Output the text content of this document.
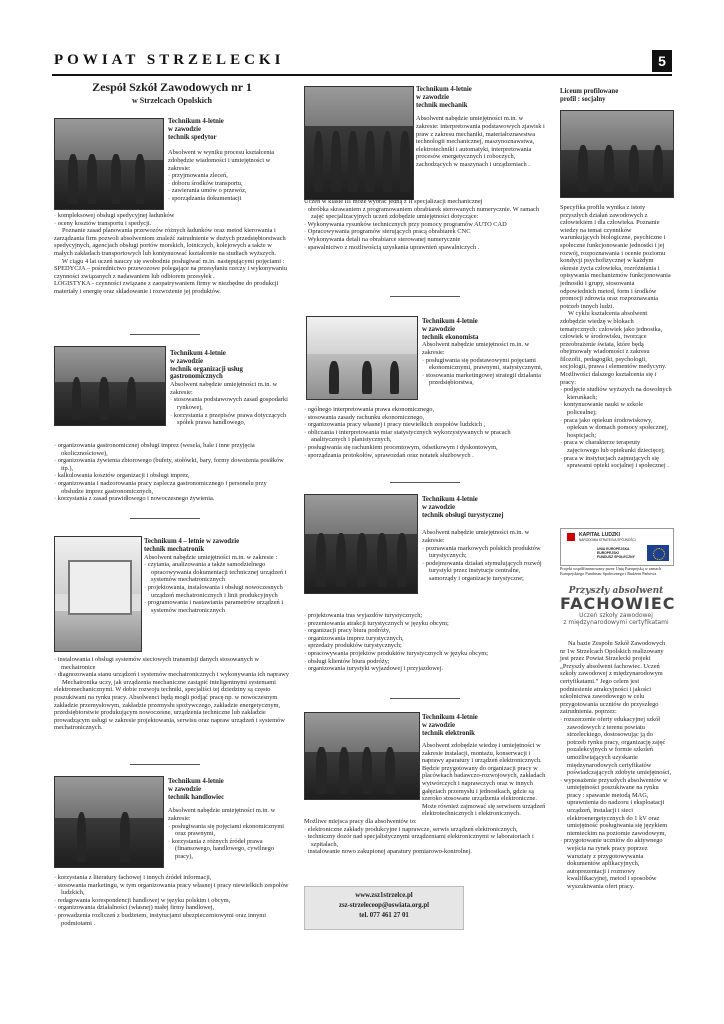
POWIAT STRZELECKI	5
Zespół Szkół Zawodowych nr 1
w Strzelcach Opolskich
Technikum 4-letnie
w zawodzie
technik spedytor

Absolwent w wyniku procesu kształcenia zdobędzie wiadomości i umiejętności w zakresie:

· przyjmowania zleceń,
· doboru środków transportu,
· zawierania umów o przewóz,
· sporządzania dokumentacji
· kompleksowej obsługi spedycyjnej ładunków
· oceny kosztów transportu i spedycji.

Poznanie zasad planowania przewozów różnych ładunków oraz metod kierowania i zarządzania firm pozwoli absolwentom znaleźć zatrudnienie w dużych przedsiębiorstwach spedycyjnych, agencjach obsługi portów morskich, lotniczych, kolejowych a także w małych zakładach transportowych lub kontynuować kształcenie na studiach wyższych.

W ciągu 4 lat uczeń nauczy się swobodnie posługiwać m.in. następującymi pojęciami :

SPEDYCJA – pośrednictwo przewozowe polegające na przesyłaniu rzeczy i wykonywaniu czynności związanych z nadawaniem lub odbiorem przesyłek .

LOGISTYKA - czynności związane z zaopatrywaniem firmy w niezbędne do produkcji materiały i energię oraz składowanie i rozwożenie jej produktów.

Technikum 4-letnie
w zawodzie
technik organizacji usług
gastronomicznych

Absolwent nabędzie umiejętności m.in. w zakresie:

· stosowania podstawowych zasad gospodarki rynkowej,
· korzystania z przepisów prawa dotyczących spółek prawa handlowego,
· organizowania gastronomicznej obsługi imprez (wesela, bale i inne przyjęcia okolicznościowe),
· organizowania żywienia zbiorowego (bufety, stołówki, bary, formy dowożenia posiłków itp.),
· kalkulowania kosztów organizacji i obsługi imprez,
· organizowania i nadzorowania pracy zaplecza gastronomicznego i personelu przy obsłudze imprez gastronomicznych,
· korzystania z zasad prawidłowego i nowoczesnego żywienia.
Technikum 4 – letnie w zawodzie
technik mechatronik

Absolwent nabędzie umiejętności m.in. w zakresie :

· czytania, analizowania a także samodzielnego opracowywania dokumentacji technicznej urządzeń i systemów mechatronicznych
· projektowania, instalowania i obsługi nowoczesnych urządzeń mechatronicznych i linii produkcyjnych
· programowania i nastawiania parametrów urządzeń i systemów mechatronicznych
· instalowania i obsługi systemów sieciowych transmisji danych stosowanych w mechatronice
· diagnozowania stanu urządzeń i systemów mechatronicznych i wykonywania ich naprawy

Mechatronika uczy, jak urządzenia mechaniczne zastąpić inteligentnymi systemami elektromechanicznymi. W dobie rozwoju techniki, specjaliści tej dziedziny są często poszukiwani na rynku pracy. Absolwenci będą mogli podjąć pracę np. w nowoczesnym zakładzie przemysłowym, zakładzie przemysłu spożywczego, zakładzie energetycznym, przedsiębiorstwie produkującym nowoczesne, urządzenia techniczne lub zakładzie prowadzącym usługi w zakresie projektowania, serwisu oraz napraw urządzeń i systemów mechatronicznych.

Technikum 4-letnie
w zawodzie
technik handlowiec

Absolwent nabędzie umiejętności m.in. w zakresie:

· posługiwania się pojęciami ekonomicznymi oraz prawnymi,
· korzystania z różnych źródeł prawa (finansowego, handlowego, cywilnego pracy),
· korzystania z literatury fachowej i innych źródeł informacji,
· stosowania marketingu, w tym organizowania pracy własnej i pracy niewielkich zespołów ludzkich,
· redagowania korespondencji handlowej w języku polskim i obcym,
· organizowania działalności (własnej) małej firmy handlowej,
· prowadzenia rozliczeń z budżetem, instytucjami ubezpieczeniowymi oraz innymi podmiotami .
Technikum 4-letnie
w zawodzie
technik mechanik

Absolwent nabędzie umiejętności m.in. w zakresie: interpretowania podstawowych zjawisk i praw z zakresu mechaniki, materiałoznawstwa technologii mechanicznej, maszynoznawstwa, elektrotechniki i automatyki, interpretowania procesów energetycznych i roboczych, zachodzących w maszynach i urządzeniach .

Uczeń w klasie III może wybrać jedną z II specjalizacji mechanicznej

· obróbka skrawaniem z programowaniem obrabiarek sterowanych numerycznie. W ramach zajęć specjalizacyjnych uczeń zdobędzie umiejętności dotyczące:
· Wykonywania rysunków technicznych przy pomocy programów AUTO CAD
· Opracowywania programów sterujących pracą obrabiarek CNC
· Wykonywania detali na obrabiarce sterowanej numerycznie
· spawalnictwo z możliwością uzyskania uprawnień spawalniczych .
Technikum 4-letnie
w zawodzie
technik ekonomista

Absolwent nabędzie umiejętności m.in. w zakresie:

· posługiwania się podstawowymi pojęciami ekonomicznymi, prawnymi, statystycznymi,
· stosowania marketingowej strategii działania przedsiębiorstwa,
· ogólnego interpretowania prawa ekonomicznego,
· stosowania zasady rachunku ekonomicznego,
· organizowania pracy własnej i pracy niewielkich zespołów ludzkich ,
· obliczania i interpretowania miar statystycznych wykorzystywanych w pracach analitycznych i planistycznych,
· posługiwania się rachunkiem procentowym, odsetkowym i dyskontowym,
· sporządzania protokołów, sprawozdań oraz notatek służbowych .
Technikum 4-letnie
w zawodzie
technik obsługi turystycznej

Absolwent nabędzie umiejętności m.in. w zakresie:

· poznawania markowych polskich produktów turystycznych;
· podejmowania działań stymulujących rozwój turystyki przez instytucje centralne, samorządy i organizacje turystyczne;
· projektowania tras wyjazdów turystycznych;
· prezentowania atrakcji turystycznych w języku obcym;
· organizacji pracy biura podróży,
· organizowania imprez turystycznych,
· sprzedaży produktów turystycznych;
· opracowywania projektów produktów turystycznych w języku obcym;
· obsługi klientów biura podróży;
· organizowania turystyki wyjazdowej i przyjazdowej.
Technikum 4-letnie
w zawodzie
technik elektronik

Absolwent zdobędzie wiedzę i umiejętności w zakresie instalacji, montażu, konserwacji i naprawy aparatury i urządzeń elektronicznych. Będzie przygotowany do organizacji pracy w placówkach badawczo-rozwojowych, zakładach wytwórczych i naprawczych oraz w innych gałęziach przemysłu i jednostkach, gdzie są szeroko stosowane urządzenia elektroniczne. Może również zajmować się serwisem urządzeń elektrotechnicznych i elektronicznych.

Możliwe miejsca pracy dla absolwentów to:

· elektroniczne zakłady produkcyjne i naprawcze, serwis urządzeń elektronicznych,
· techniczny dozór nad specjalistycznymi urządzeniami elektronicznymi w laboratoriach i szpitalach,
· instalowanie nowo zakupionej aparatury pomiarowo-kontrolnej.
www.zsz1strzelce.pl
zsz-strzeleceop@oswiata.org.pl
tel. 077 461 27 01
Liceum profilowane
profil : socjalny

Specyfika profilu wynika z istoty przyszłych działań zawodowych z człowiekiem i dla człowieka. Poznanie wiedzy na temat czynników warunkujących biologiczne, psychiczne i społeczne funkcjonowanie jednostki i jej rozwój, rozpoznawania i ocenie poziomu kondycji psychofizycznej w każdym okresie życia człowieka, rozróżniania i opisywania mechanizmów funkcjonowania jednostki i grupy, stosowania odpowiednich metod, form i środków promocji zdrowia oraz rozpoznawania potrzeb innych ludzi.

W cyklu kształcenia absolwent zdobędzie wiedzę w blokach tematycznych: człowiek jako jednostka, człowiek w środowisku, tworzące przeobrażenie świata, które będą obejmowały wiadomości z zakresu filozofii, pedagogiki, psychologii, socjologii, prawa i elementów medycyny.

Możliwości dalszego kształcenia się i pracy:

· podjęcie studiów wyższych na dowolnych kierunkach;
· kontynuowanie nauki w szkole policealnej;
· praca jako opiekun środowiskowy, opiekun w domach pomocy społecznej, hospicjach;
· praca w charakterze terapeuty zajęciowego lub opiekunki dziecięcej;
· praca w instytucjach zajmujących się sprawami opieki socjalnej i społecznej .
KAPITAŁ LUDZKI
NARODOWA STRATEGIA SPÓJNOŚCI
UNIA EUROPEJSKA
EUROPEJSKI
FUNDUSZ SPOŁECZNY
Projekt współfinansowany przez Unię Europejską w ramach Europejskiego Funduszu Społecznego i Budżetu Państwa
Przyszły absolwent
FACHOWIEC
Uczeń szkoły zawodowej
z międzynarodowymi certyfikatami

Na bazie Zespołu Szkół Zawodowych nr 1w Strzelcach Opolskich realizowany jest przez Powiat Strzelecki projekt „Przyszły absolwent fachowiec. Uczeń szkoły zawodowej z międzynarodowym certyfikatami.” Jego celem jest podniesienie atrakcyjności i jakości szkolnictwa zawodowego w celu przygotowania uczniów do przyszłego zatrudnienia. poprzez:

· rozszerzenie oferty edukacyjnej szkół zawodowych z terenu powiatu strzeleckiego, dostosowując ją do potrzeb rynku pracy, organizację zajęć pozalekcyjnych w formie szkoleń umożliwiających uzyskanie międzynarodowych certyfikatów poświadczających zdobyte umiejętności,
· wyposażenie przyszłych absolwentów w umiejętności poszukiwane na rynku pracy : spawanie metodą MAG, uprawnienia do nadzoru i eksploatacji urządzeń, instalacji i sieci elektroenergetycznych do 1 kV oraz umiejętność posługiwania się językiem niemieckim na poziomie zawodowym,
· przygotowanie uczniów do aktywnego wejścia na rynek pracy poprzez warsztaty z przygotowywania dokumentów aplikacyjnych, autoprezentacji i rozmowy kwalifikacyjnej, metod i sposobów wyszukiwania ofert pracy.
